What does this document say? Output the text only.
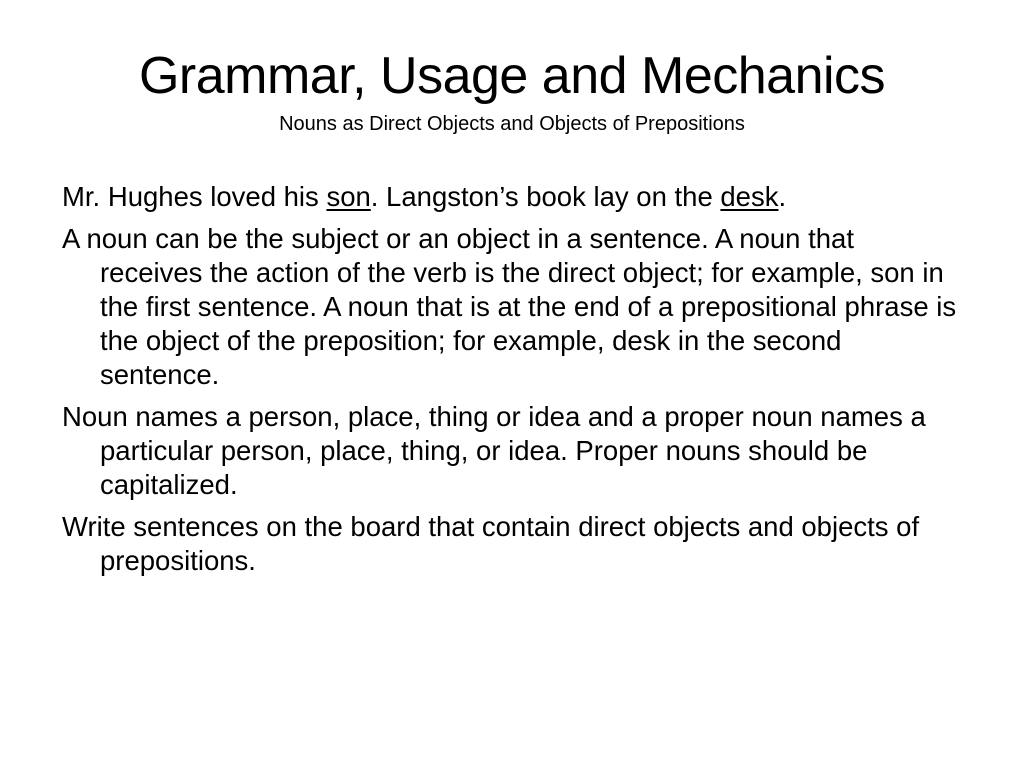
Grammar, Usage and Mechanics
Nouns as Direct Objects and Objects of Prepositions

Mr. Hughes loved his son. Langston’s book lay on the desk.

A noun can be the subject or an object in a sentence. A noun that receives the action of the verb is the direct object; for example, son in the first sentence. A noun that is at the end of a prepositional phrase is the object of the preposition; for example, desk in the second sentence.

Noun names a person, place, thing or idea and a proper noun names a particular person, place, thing, or idea. Proper nouns should be capitalized.

Write sentences on the board that contain direct objects and objects of prepositions.
